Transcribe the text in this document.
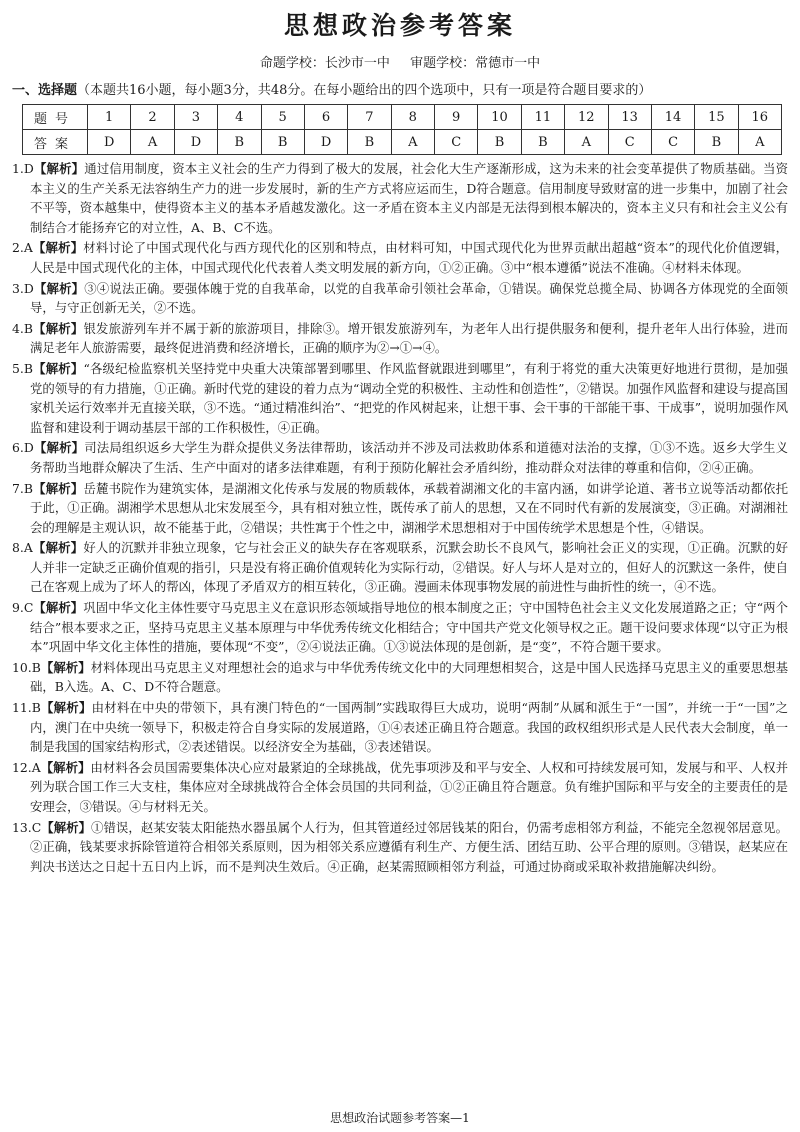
思想政治参考答案
命题学校：长沙市一中 审题学校：常德市一中
一、选择题（本题共16小题，每小题3分，共48分。在每小题给出的四个选项中，只有一项是符合题目要求的）
题号	1	2	3	4	5	6	7	8	9	10	11	12	13	14	15	16
答案	D	A	D	B	B	D	B	A	C	B	B	A	C	C	B	A

1.D【解析】通过信用制度，资本主义社会的生产力得到了极大的发展，社会化大生产逐渐形成，这为未来的社会变革提供了物质基础。当资本主义的生产关系无法容纳生产力的进一步发展时，新的生产方式将应运而生，D符合题意。信用制度导致财富的进一步集中，加剧了社会不平等，资本越集中，使得资本主义的基本矛盾越发激化。这一矛盾在资本主义内部是无法得到根本解决的，资本主义只有和社会主义公有制结合才能扬弃它的对立性，A、B、C不选。

2.A【解析】材料讨论了中国式现代化与西方现代化的区别和特点，由材料可知，中国式现代化为世界贡献出超越“资本”的现代化价值逻辑，人民是中国式现代化的主体，中国式现代化代表着人类文明发展的新方向，①②正确。③中“根本遵循”说法不准确。④材料未体现。

3.D【解析】③④说法正确。要强体魄于党的自我革命，以党的自我革命引领社会革命，①错误。确保党总揽全局、协调各方体现党的全面领导，与守正创新无关，②不选。

4.B【解析】银发旅游列车并不属于新的旅游项目，排除③。增开银发旅游列车，为老年人出行提供服务和便利，提升老年人出行体验，进而满足老年人旅游需要，最终促进消费和经济增长，正确的顺序为②→①→④。

5.B【解析】“各级纪检监察机关坚持党中央重大决策部署到哪里、作风监督就跟进到哪里”，有利于将党的重大决策更好地进行贯彻，是加强党的领导的有力措施，①正确。新时代党的建设的着力点为“调动全党的积极性、主动性和创造性”，②错误。加强作风监督和建设与提高国家机关运行效率并无直接关联，③不选。“通过精准纠治”、“把党的作风树起来，让想干事、会干事的干部能干事、干成事”，说明加强作风监督和建设利于调动基层干部的工作积极性，④正确。

6.D【解析】司法局组织返乡大学生为群众提供义务法律帮助，该活动并不涉及司法救助体系和道德对法治的支撑，①③不选。返乡大学生义务帮助当地群众解决了生活、生产中面对的诸多法律难题，有利于预防化解社会矛盾纠纷，推动群众对法律的尊重和信仰，②④正确。

7.B【解析】岳麓书院作为建筑实体，是湖湘文化传承与发展的物质载体，承载着湖湘文化的丰富内涵，如讲学论道、著书立说等活动都依托于此，①正确。湖湘学术思想从北宋发展至今，具有相对独立性，既传承了前人的思想，又在不同时代有新的发展演变，③正确。对湖湘社会的理解是主观认识，故不能基于此，②错误；共性寓于个性之中，湖湘学术思想相对于中国传统学术思想是个性，④错误。

8.A【解析】好人的沉默并非独立现象，它与社会正义的缺失存在客观联系，沉默会助长不良风气，影响社会正义的实现，①正确。沉默的好人并非一定缺乏正确价值观的指引，只是没有将正确价值观转化为实际行动，②错误。好人与坏人是对立的，但好人的沉默这一条件，使自己在客观上成为了坏人的帮凶，体现了矛盾双方的相互转化，③正确。漫画未体现事物发展的前进性与曲折性的统一，④不选。

9.C【解析】巩固中华文化主体性要守马克思主义在意识形态领域指导地位的根本制度之正；守中国特色社会主义文化发展道路之正；守“两个结合”根本要求之正，坚持马克思主义基本原理与中华优秀传统文化相结合；守中国共产党文化领导权之正。题干设问要求体现“以守正为根本”巩固中华文化主体性的措施，要体现“不变”，②④说法正确。①③说法体现的是创新，是“变”，不符合题干要求。

10.B【解析】材料体现出马克思主义对理想社会的追求与中华优秀传统文化中的大同理想相契合，这是中国人民选择马克思主义的重要思想基础，B入选。A、C、D不符合题意。

11.B【解析】由材料在中央的带领下，具有澳门特色的“一国两制”实践取得巨大成功，说明“两制”从属和派生于“一国”，并统一于“一国”之内，澳门在中央统一领导下，积极走符合自身实际的发展道路，①④表述正确且符合题意。我国的政权组织形式是人民代表大会制度，单一制是我国的国家结构形式，②表述错误。以经济安全为基础，③表述错误。

12.A【解析】由材料各会员国需要集体决心应对最紧迫的全球挑战，优先事项涉及和平与安全、人权和可持续发展可知，发展与和平、人权并列为联合国工作三大支柱，集体应对全球挑战符合全体会员国的共同利益，①②正确且符合题意。负有维护国际和平与安全的主要责任的是安理会，③错误。④与材料无关。

13.C【解析】①错误，赵某安装太阳能热水器虽属个人行为，但其管道经过邻居钱某的阳台，仍需考虑相邻方利益，不能完全忽视邻居意见。②正确，钱某要求拆除管道符合相邻关系原则，因为相邻关系应遵循有利生产、方便生活、团结互助、公平合理的原则。③错误，赵某应在判决书送达之日起十五日内上诉，而不是判决生效后。④正确，赵某需照顾相邻方利益，可通过协商或采取补救措施解决纠纷。

思想政治试题参考答案—1
